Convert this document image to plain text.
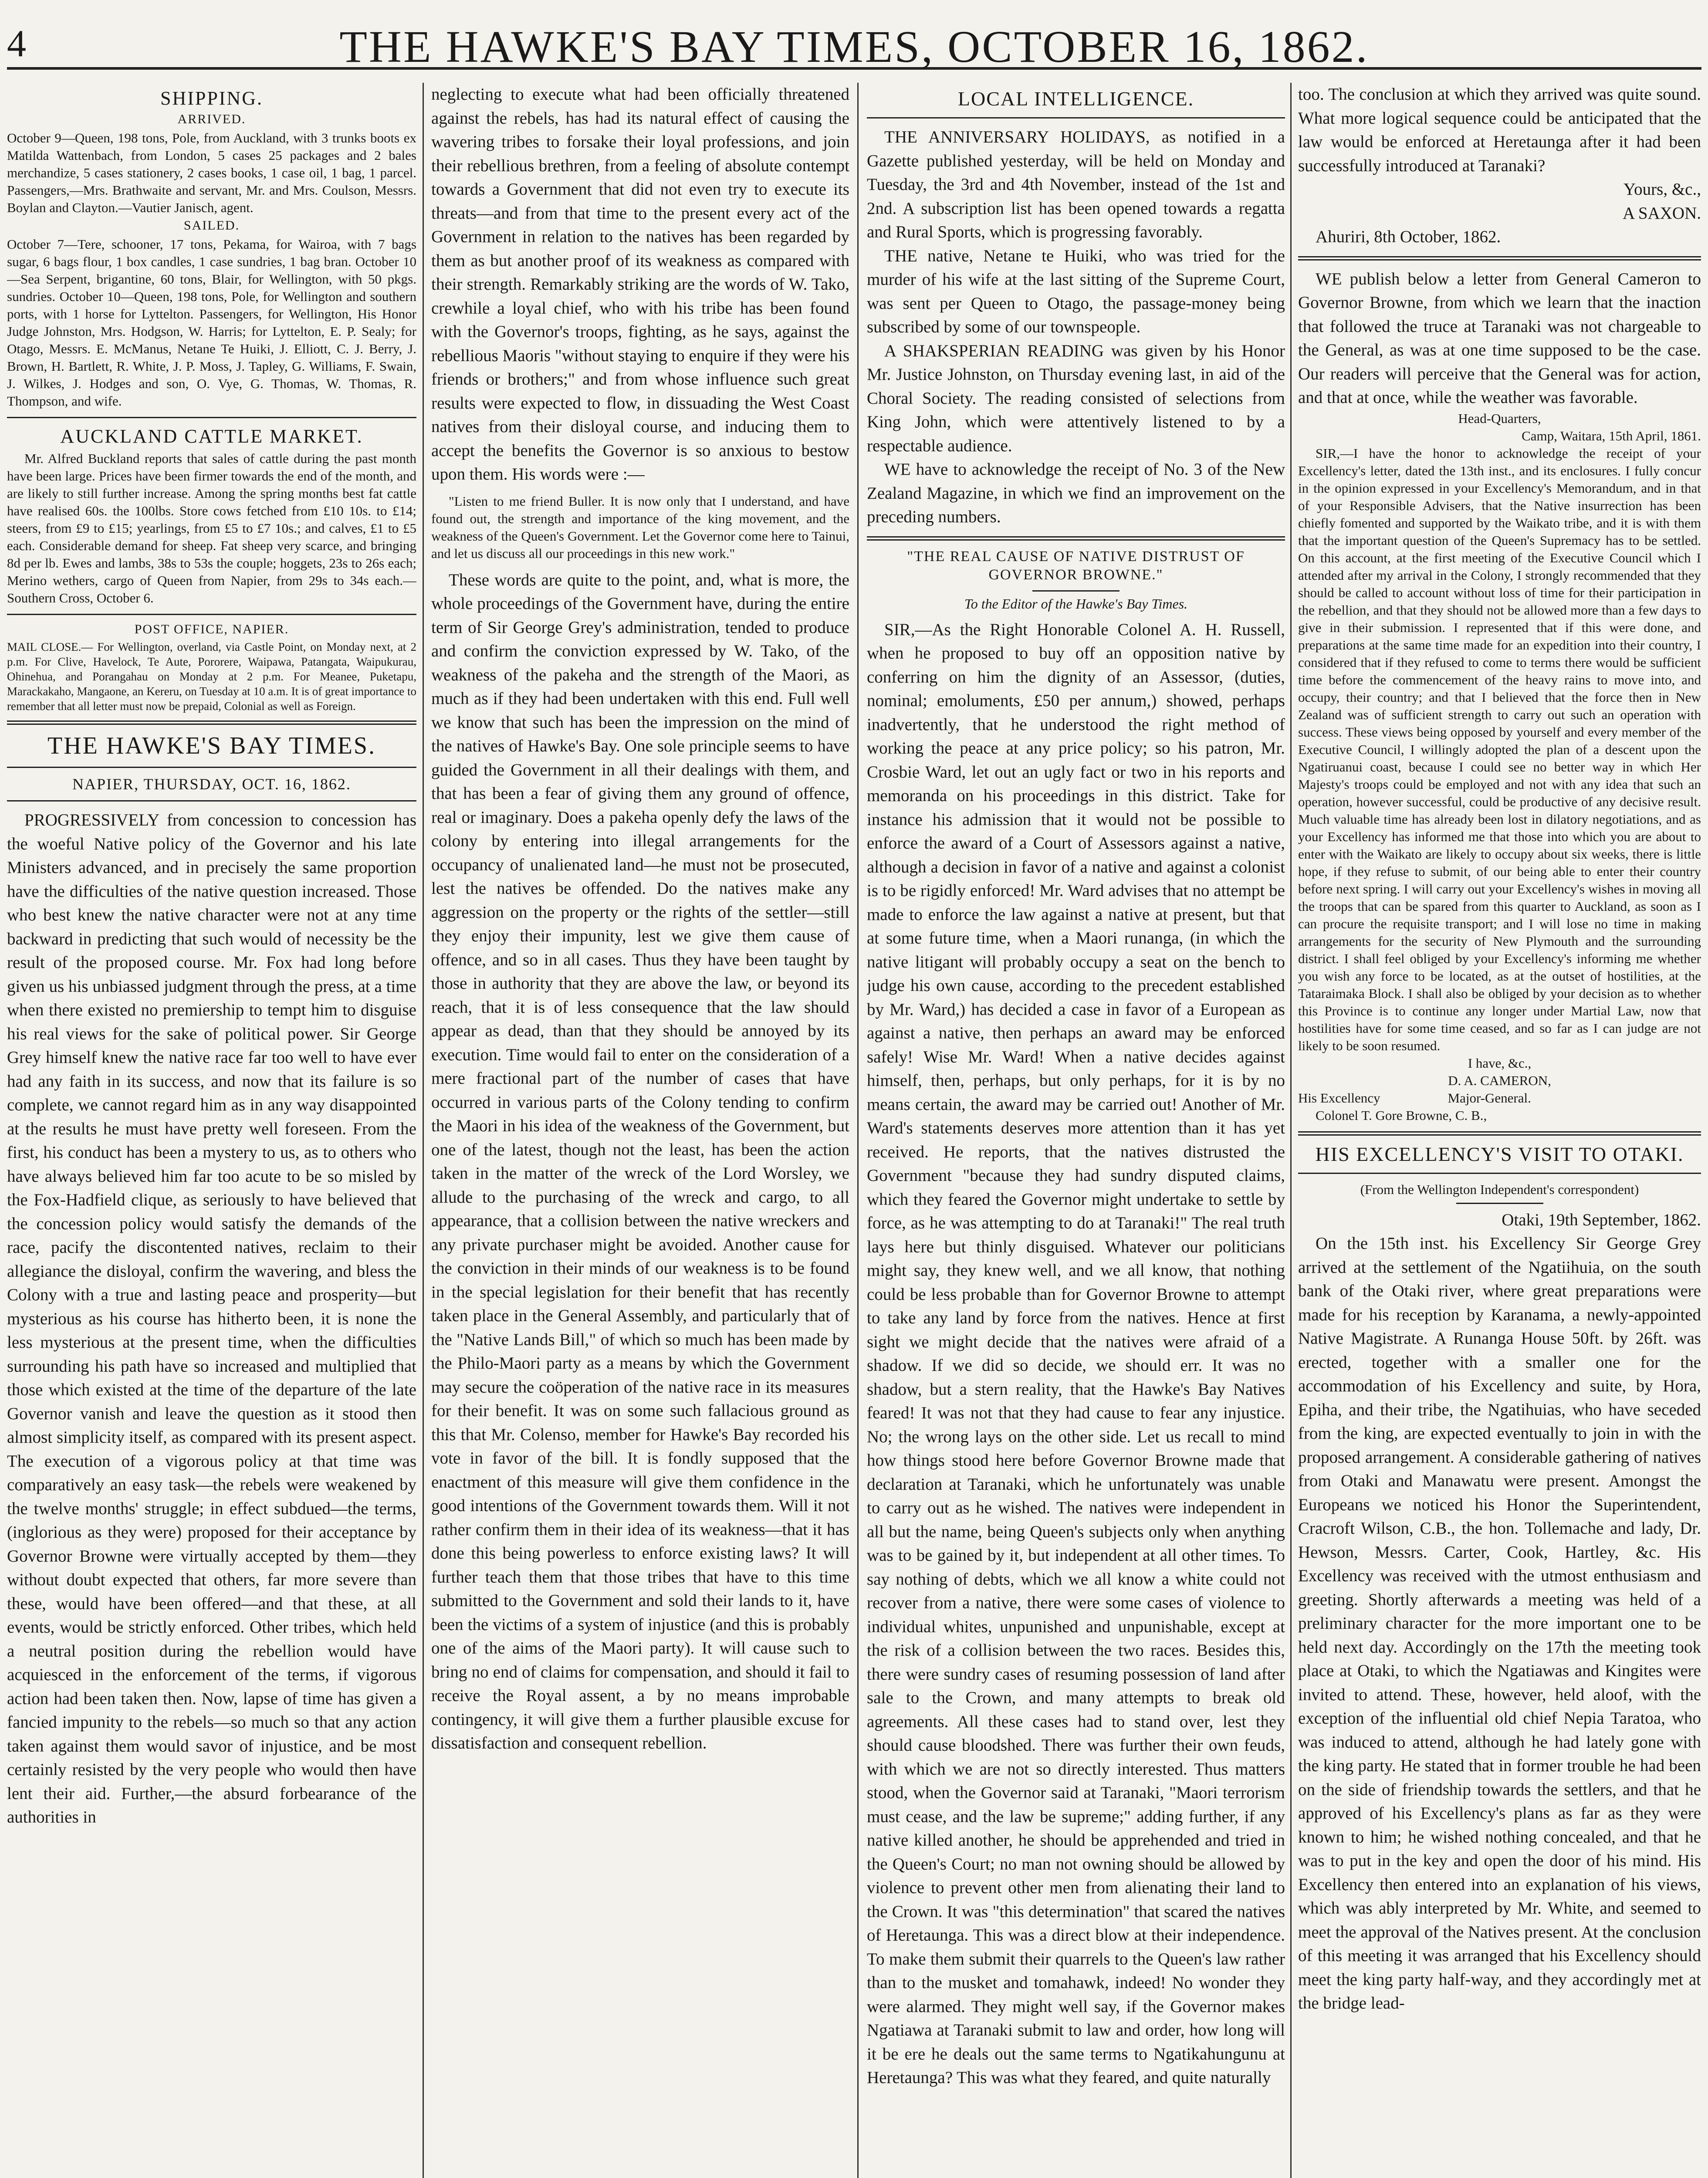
4	THE HAWKE'S BAY TIMES, OCTOBER 16, 1862.
SHIPPING.
ARRIVED.

October 9—Queen, 198 tons, Pole, from Auckland, with 3 trunks boots ex Matilda Wattenbach, from London, 5 cases 25 packages and 2 bales merchandize, 5 cases stationery, 2 cases books, 1 case oil, 1 bag, 1 parcel. Passengers,—Mrs. Brathwaite and servant, Mr. and Mrs. Coulson, Messrs. Boylan and Clayton.—Vautier Janisch, agent.

SAILED.

October 7—Tere, schooner, 17 tons, Pekama, for Wairoa, with 7 bags sugar, 6 bags flour, 1 box candles, 1 case sundries, 1 bag bran. October 10—Sea Serpent, brigantine, 60 tons, Blair, for Wellington, with 50 pkgs. sundries. October 10—Queen, 198 tons, Pole, for Wellington and southern ports, with 1 horse for Lyttelton. Passengers, for Wellington, His Honor Judge Johnston, Mrs. Hodgson, W. Harris; for Lyttelton, E. P. Sealy; for Otago, Messrs. E. McManus, Netane Te Huiki, J. Elliott, C. J. Berry, J. Brown, H. Bartlett, R. White, J. P. Moss, J. Tapley, G. Williams, F. Swain, J. Wilkes, J. Hodges and son, O. Vye, G. Thomas, W. Thomas, R. Thompson, and wife.

AUCKLAND CATTLE MARKET.

Mr. Alfred Buckland reports that sales of cattle during the past month have been large. Prices have been firmer towards the end of the month, and are likely to still further increase. Among the spring months best fat cattle have realised 60s. the 100lbs. Store cows fetched from £10 10s. to £14; steers, from £9 to £15; yearlings, from £5 to £7 10s.; and calves, £1 to £5 each. Considerable demand for sheep. Fat sheep very scarce, and bringing 8d per lb. Ewes and lambs, 38s to 53s the couple; hoggets, 23s to 26s each; Merino wethers, cargo of Queen from Napier, from 29s to 34s each.—Southern Cross, October 6.

POST OFFICE, NAPIER.

MAIL CLOSE.— For Wellington, overland, via Castle Point, on Monday next, at 2 p.m. For Clive, Havelock, Te Aute, Pororere, Waipawa, Patangata, Waipukurau, Ohinehua, and Porangahau on Monday at 2 p.m. For Meanee, Puketapu, Marackakaho, Mangaone, an Kereru, on Tuesday at 10 a.m. It is of great importance to remember that all letter must now be prepaid, Colonial as well as Foreign.

THE HAWKE'S BAY TIMES.
NAPIER, THURSDAY, OCT. 16, 1862.

PROGRESSIVELY from concession to concession has the woeful Native policy of the Governor and his late Ministers advanced, and in precisely the same proportion have the difficulties of the native question increased. Those who best knew the native character were not at any time backward in predicting that such would of necessity be the result of the proposed course. Mr. Fox had long before given us his unbiassed judgment through the press, at a time when there existed no premiership to tempt him to disguise his real views for the sake of political power. Sir George Grey himself knew the native race far too well to have ever had any faith in its success, and now that its failure is so complete, we cannot regard him as in any way disappointed at the results he must have pretty well foreseen. From the first, his conduct has been a mystery to us, as to others who have always believed him far too acute to be so misled by the Fox-Hadfield clique, as seriously to have believed that the concession policy would satisfy the demands of the race, pacify the discontented natives, reclaim to their allegiance the disloyal, confirm the wavering, and bless the Colony with a true and lasting peace and prosperity—but mysterious as his course has hitherto been, it is none the less mysterious at the present time, when the difficulties surrounding his path have so increased and multiplied that those which existed at the time of the departure of the late Governor vanish and leave the question as it stood then almost simplicity itself, as compared with its present aspect. The execution of a vigorous policy at that time was comparatively an easy task—the rebels were weakened by the twelve months' struggle; in effect subdued—the terms, (inglorious as they were) proposed for their acceptance by Governor Browne were virtually accepted by them—they without doubt expected that others, far more severe than these, would have been offered—and that these, at all events, would be strictly enforced. Other tribes, which held a neutral position during the rebellion would have acquiesced in the enforcement of the terms, if vigorous action had been taken then. Now, lapse of time has given a fancied impunity to the rebels—so much so that any action taken against them would savor of injustice, and be most certainly resisted by the very people who would then have lent their aid. Further,—the absurd forbearance of the authorities in

neglecting to execute what had been officially threatened against the rebels, has had its natural effect of causing the wavering tribes to forsake their loyal professions, and join their rebellious brethren, from a feeling of absolute contempt towards a Government that did not even try to execute its threats—and from that time to the present every act of the Government in relation to the natives has been regarded by them as but another proof of its weakness as compared with their strength. Remarkably striking are the words of W. Tako, crewhile a loyal chief, who with his tribe has been found with the Governor's troops, fighting, as he says, against the rebellious Maoris "without staying to enquire if they were his friends or brothers;" and from whose influence such great results were expected to flow, in dissuading the West Coast natives from their disloyal course, and inducing them to accept the benefits the Governor is so anxious to bestow upon them. His words were :—

"Listen to me friend Buller. It is now only that I understand, and have found out, the strength and importance of the king movement, and the weakness of the Queen's Government. Let the Governor come here to Tainui, and let us discuss all our proceedings in this new work."

These words are quite to the point, and, what is more, the whole proceedings of the Government have, during the entire term of Sir George Grey's administration, tended to produce and confirm the conviction expressed by W. Tako, of the weakness of the pakeha and the strength of the Maori, as much as if they had been undertaken with this end. Full well we know that such has been the impression on the mind of the natives of Hawke's Bay. One sole principle seems to have guided the Government in all their dealings with them, and that has been a fear of giving them any ground of offence, real or imaginary. Does a pakeha openly defy the laws of the colony by entering into illegal arrangements for the occupancy of unalienated land—he must not be prosecuted, lest the natives be offended. Do the natives make any aggression on the property or the rights of the settler—still they enjoy their impunity, lest we give them cause of offence, and so in all cases. Thus they have been taught by those in authority that they are above the law, or beyond its reach, that it is of less consequence that the law should appear as dead, than that they should be annoyed by its execution. Time would fail to enter on the consideration of a mere fractional part of the number of cases that have occurred in various parts of the Colony tending to confirm the Maori in his idea of the weakness of the Government, but one of the latest, though not the least, has been the action taken in the matter of the wreck of the Lord Worsley, we allude to the purchasing of the wreck and cargo, to all appearance, that a collision between the native wreckers and any private purchaser might be avoided. Another cause for the conviction in their minds of our weakness is to be found in the special legislation for their benefit that has recently taken place in the General Assembly, and particularly that of the "Native Lands Bill," of which so much has been made by the Philo-Maori party as a means by which the Government may secure the coöperation of the native race in its measures for their benefit. It was on some such fallacious ground as this that Mr. Colenso, member for Hawke's Bay recorded his vote in favor of the bill. It is fondly supposed that the enactment of this measure will give them confidence in the good intentions of the Government towards them. Will it not rather confirm them in their idea of its weakness—that it has done this being powerless to enforce existing laws? It will further teach them that those tribes that have to this time submitted to the Government and sold their lands to it, have been the victims of a system of injustice (and this is probably one of the aims of the Maori party). It will cause such to bring no end of claims for compensation, and should it fail to receive the Royal assent, a by no means improbable contingency, it will give them a further plausible excuse for dissatisfaction and consequent rebellion.

LOCAL INTELLIGENCE.

THE ANNIVERSARY HOLIDAYS, as notified in a Gazette published yesterday, will be held on Monday and Tuesday, the 3rd and 4th November, instead of the 1st and 2nd. A subscription list has been opened towards a regatta and Rural Sports, which is progressing favorably.

THE native, Netane te Huiki, who was tried for the murder of his wife at the last sitting of the Supreme Court, was sent per Queen to Otago, the passage-money being subscribed by some of our townspeople.

A SHAKSPERIAN READING was given by his Honor Mr. Justice Johnston, on Thursday evening last, in aid of the Choral Society. The reading consisted of selections from King John, which were attentively listened to by a respectable audience.

WE have to acknowledge the receipt of No. 3 of the New Zealand Magazine, in which we find an improvement on the preceding numbers.

"THE REAL CAUSE OF NATIVE DISTRUST OF GOVERNOR BROWNE."
To the Editor of the Hawke's Bay Times.

SIR,—As the Right Honorable Colonel A. H. Russell, when he proposed to buy off an opposition native by conferring on him the dignity of an Assessor, (duties, nominal; emoluments, £50 per annum,) showed, perhaps inadvertently, that he understood the right method of working the peace at any price policy; so his patron, Mr. Crosbie Ward, let out an ugly fact or two in his reports and memoranda on his proceedings in this district. Take for instance his admission that it would not be possible to enforce the award of a Court of Assessors against a native, although a decision in favor of a native and against a colonist is to be rigidly enforced! Mr. Ward advises that no attempt be made to enforce the law against a native at present, but that at some future time, when a Maori runanga, (in which the native litigant will probably occupy a seat on the bench to judge his own cause, according to the precedent established by Mr. Ward,) has decided a case in favor of a European as against a native, then perhaps an award may be enforced safely! Wise Mr. Ward! When a native decides against himself, then, perhaps, but only perhaps, for it is by no means certain, the award may be carried out! Another of Mr. Ward's statements deserves more attention than it has yet received. He reports, that the natives distrusted the Government "because they had sundry disputed claims, which they feared the Governor might undertake to settle by force, as he was attempting to do at Taranaki!" The real truth lays here but thinly disguised. Whatever our politicians might say, they knew well, and we all know, that nothing could be less probable than for Governor Browne to attempt to take any land by force from the natives. Hence at first sight we might decide that the natives were afraid of a shadow. If we did so decide, we should err. It was no shadow, but a stern reality, that the Hawke's Bay Natives feared! It was not that they had cause to fear any injustice. No; the wrong lays on the other side. Let us recall to mind how things stood here before Governor Browne made that declaration at Taranaki, which he unfortunately was unable to carry out as he wished. The natives were independent in all but the name, being Queen's subjects only when anything was to be gained by it, but independent at all other times. To say nothing of debts, which we all know a white could not recover from a native, there were some cases of violence to individual whites, unpunished and unpunishable, except at the risk of a collision between the two races. Besides this, there were sundry cases of resuming possession of land after sale to the Crown, and many attempts to break old agreements. All these cases had to stand over, lest they should cause bloodshed. There was further their own feuds, with which we are not so directly interested. Thus matters stood, when the Governor said at Taranaki, "Maori terrorism must cease, and the law be supreme;" adding further, if any native killed another, he should be apprehended and tried in the Queen's Court; no man not owning should be allowed by violence to prevent other men from alienating their land to the Crown. It was "this determination" that scared the natives of Heretaunga. This was a direct blow at their independence. To make them submit their quarrels to the Queen's law rather than to the musket and tomahawk, indeed! No wonder they were alarmed. They might well say, if the Governor makes Ngatiawa at Taranaki submit to law and order, how long will it be ere he deals out the same terms to Ngatikahungunu at Heretaunga? This was what they feared, and quite naturally

too. The conclusion at which they arrived was quite sound. What more logical sequence could be anticipated that the law would be enforced at Heretaunga after it had been successfully introduced at Taranaki?

Yours, &c.,

A SAXON.

Ahuriri, 8th October, 1862.

WE publish below a letter from General Cameron to Governor Browne, from which we learn that the inaction that followed the truce at Taranaki was not chargeable to the General, as was at one time supposed to be the case. Our readers will perceive that the General was for action, and that at once, while the weather was favorable.

Head-Quarters,

Camp, Waitara, 15th April, 1861.

SIR,—I have the honor to acknowledge the receipt of your Excellency's letter, dated the 13th inst., and its enclosures. I fully concur in the opinion expressed in your Excellency's Memorandum, and in that of your Responsible Advisers, that the Native insurrection has been chiefly fomented and supported by the Waikato tribe, and it is with them that the important question of the Queen's Supremacy has to be settled. On this account, at the first meeting of the Executive Council which I attended after my arrival in the Colony, I strongly recommended that they should be called to account without loss of time for their participation in the rebellion, and that they should not be allowed more than a few days to give in their submission. I represented that if this were done, and preparations at the same time made for an expedition into their country, I considered that if they refused to come to terms there would be sufficient time before the commencement of the heavy rains to move into, and occupy, their country; and that I believed that the force then in New Zealand was of sufficient strength to carry out such an operation with success. These views being opposed by yourself and every member of the Executive Council, I willingly adopted the plan of a descent upon the Ngatiruanui coast, because I could see no better way in which Her Majesty's troops could be employed and not with any idea that such an operation, however successful, could be productive of any decisive result. Much valuable time has already been lost in dilatory negotiations, and as your Excellency has informed me that those into which you are about to enter with the Waikato are likely to occupy about six weeks, there is little hope, if they refuse to submit, of our being able to enter their country before next spring. I will carry out your Excellency's wishes in moving all the troops that can be spared from this quarter to Auckland, as soon as I can procure the requisite transport; and I will lose no time in making arrangements for the security of New Plymouth and the surrounding district. I shall feel obliged by your Excellency's informing me whether you wish any force to be located, as at the outset of hostilities, at the Tataraimaka Block. I shall also be obliged by your decision as to whether this Province is to continue any longer under Martial Law, now that hostilities have for some time ceased, and so far as I can judge are not likely to be soon resumed.

I have, &c.,

D. A. CAMERON,

His Excellency                    Major-General.

Colonel T. Gore Browne, C. B.,

HIS EXCELLENCY'S VISIT TO OTAKI.

(From the Wellington Independent's correspondent)

Otaki, 19th September, 1862.

On the 15th inst. his Excellency Sir George Grey arrived at the settlement of the Ngatiihuia, on the south bank of the Otaki river, where great preparations were made for his reception by Karanama, a newly-appointed Native Magistrate. A Runanga House 50ft. by 26ft. was erected, together with a smaller one for the accommodation of his Excellency and suite, by Hora, Epiha, and their tribe, the Ngatihuias, who have seceded from the king, are expected eventually to join in with the proposed arrangement. A considerable gathering of natives from Otaki and Manawatu were present. Amongst the Europeans we noticed his Honor the Superintendent, Cracroft Wilson, C.B., the hon. Tollemache and lady, Dr. Hewson, Messrs. Carter, Cook, Hartley, &c. His Excellency was received with the utmost enthusiasm and greeting. Shortly afterwards a meeting was held of a preliminary character for the more important one to be held next day. Accordingly on the 17th the meeting took place at Otaki, to which the Ngatiawas and Kingites were invited to attend. These, however, held aloof, with the exception of the influential old chief Nepia Taratoa, who was induced to attend, although he had lately gone with the king party. He stated that in former trouble he had been on the side of friendship towards the settlers, and that he approved of his Excellency's plans as far as they were known to him; he wished nothing concealed, and that he was to put in the key and open the door of his mind. His Excellency then entered into an explanation of his views, which was ably interpreted by Mr. White, and seemed to meet the approval of the Natives present. At the conclusion of this meeting it was arranged that his Excellency should meet the king party half-way, and they accordingly met at the bridge lead-
